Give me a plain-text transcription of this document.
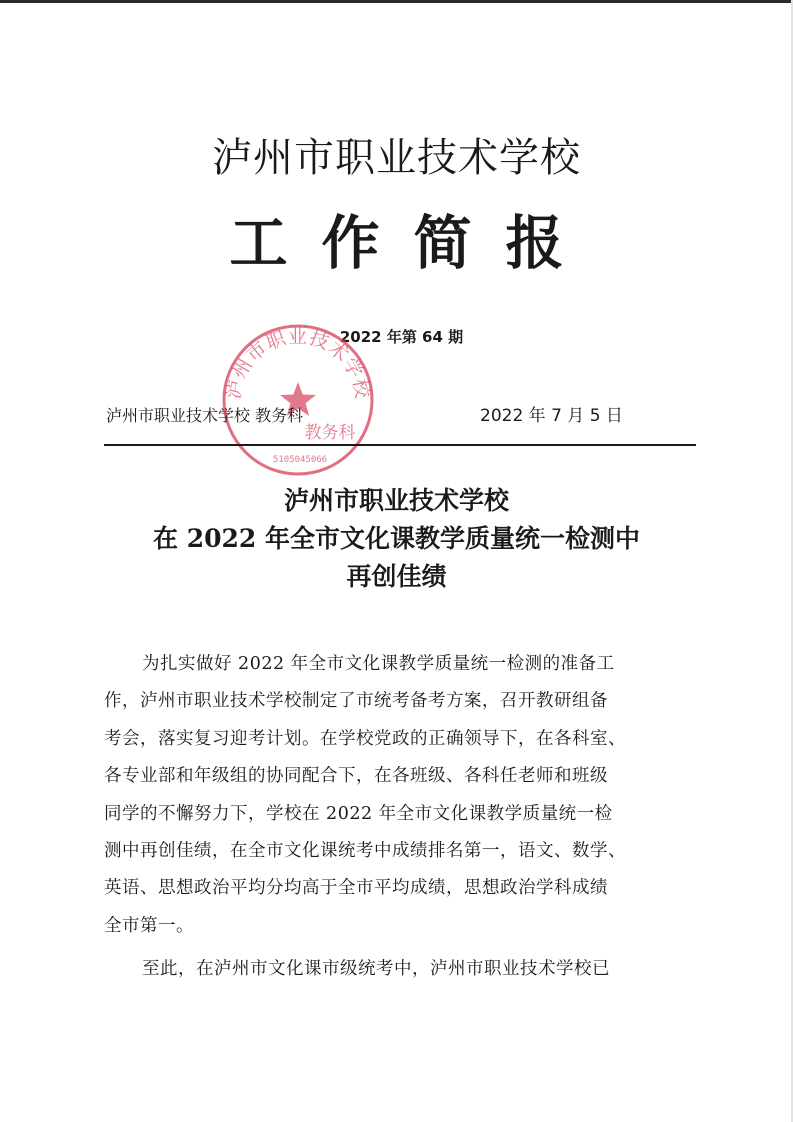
泸州市职业技术学校
工作简报
2022 年第 64 期
泸州市职业技术学校
教务科
5105045066
泸州市职业技术学校 教务科	2022 年 7 月 5 日
泸州市职业技术学校
在 2022 年全市文化课教学质量统一检测中
再创佳绩
为扎实做好 2022 年全市文化课教学质量统一检测的准备工
作，泸州市职业技术学校制定了市统考备考方案，召开教研组备
考会，落实复习迎考计划。在学校党政的正确领导下，在各科室、
各专业部和年级组的协同配合下，在各班级、各科任老师和班级
同学的不懈努力下，学校在 2022 年全市文化课教学质量统一检
测中再创佳绩，在全市文化课统考中成绩排名第一，语文、数学、
英语、思想政治平均分均高于全市平均成绩，思想政治学科成绩
全市第一。
至此，在泸州市文化课市级统考中，泸州市职业技术学校已
